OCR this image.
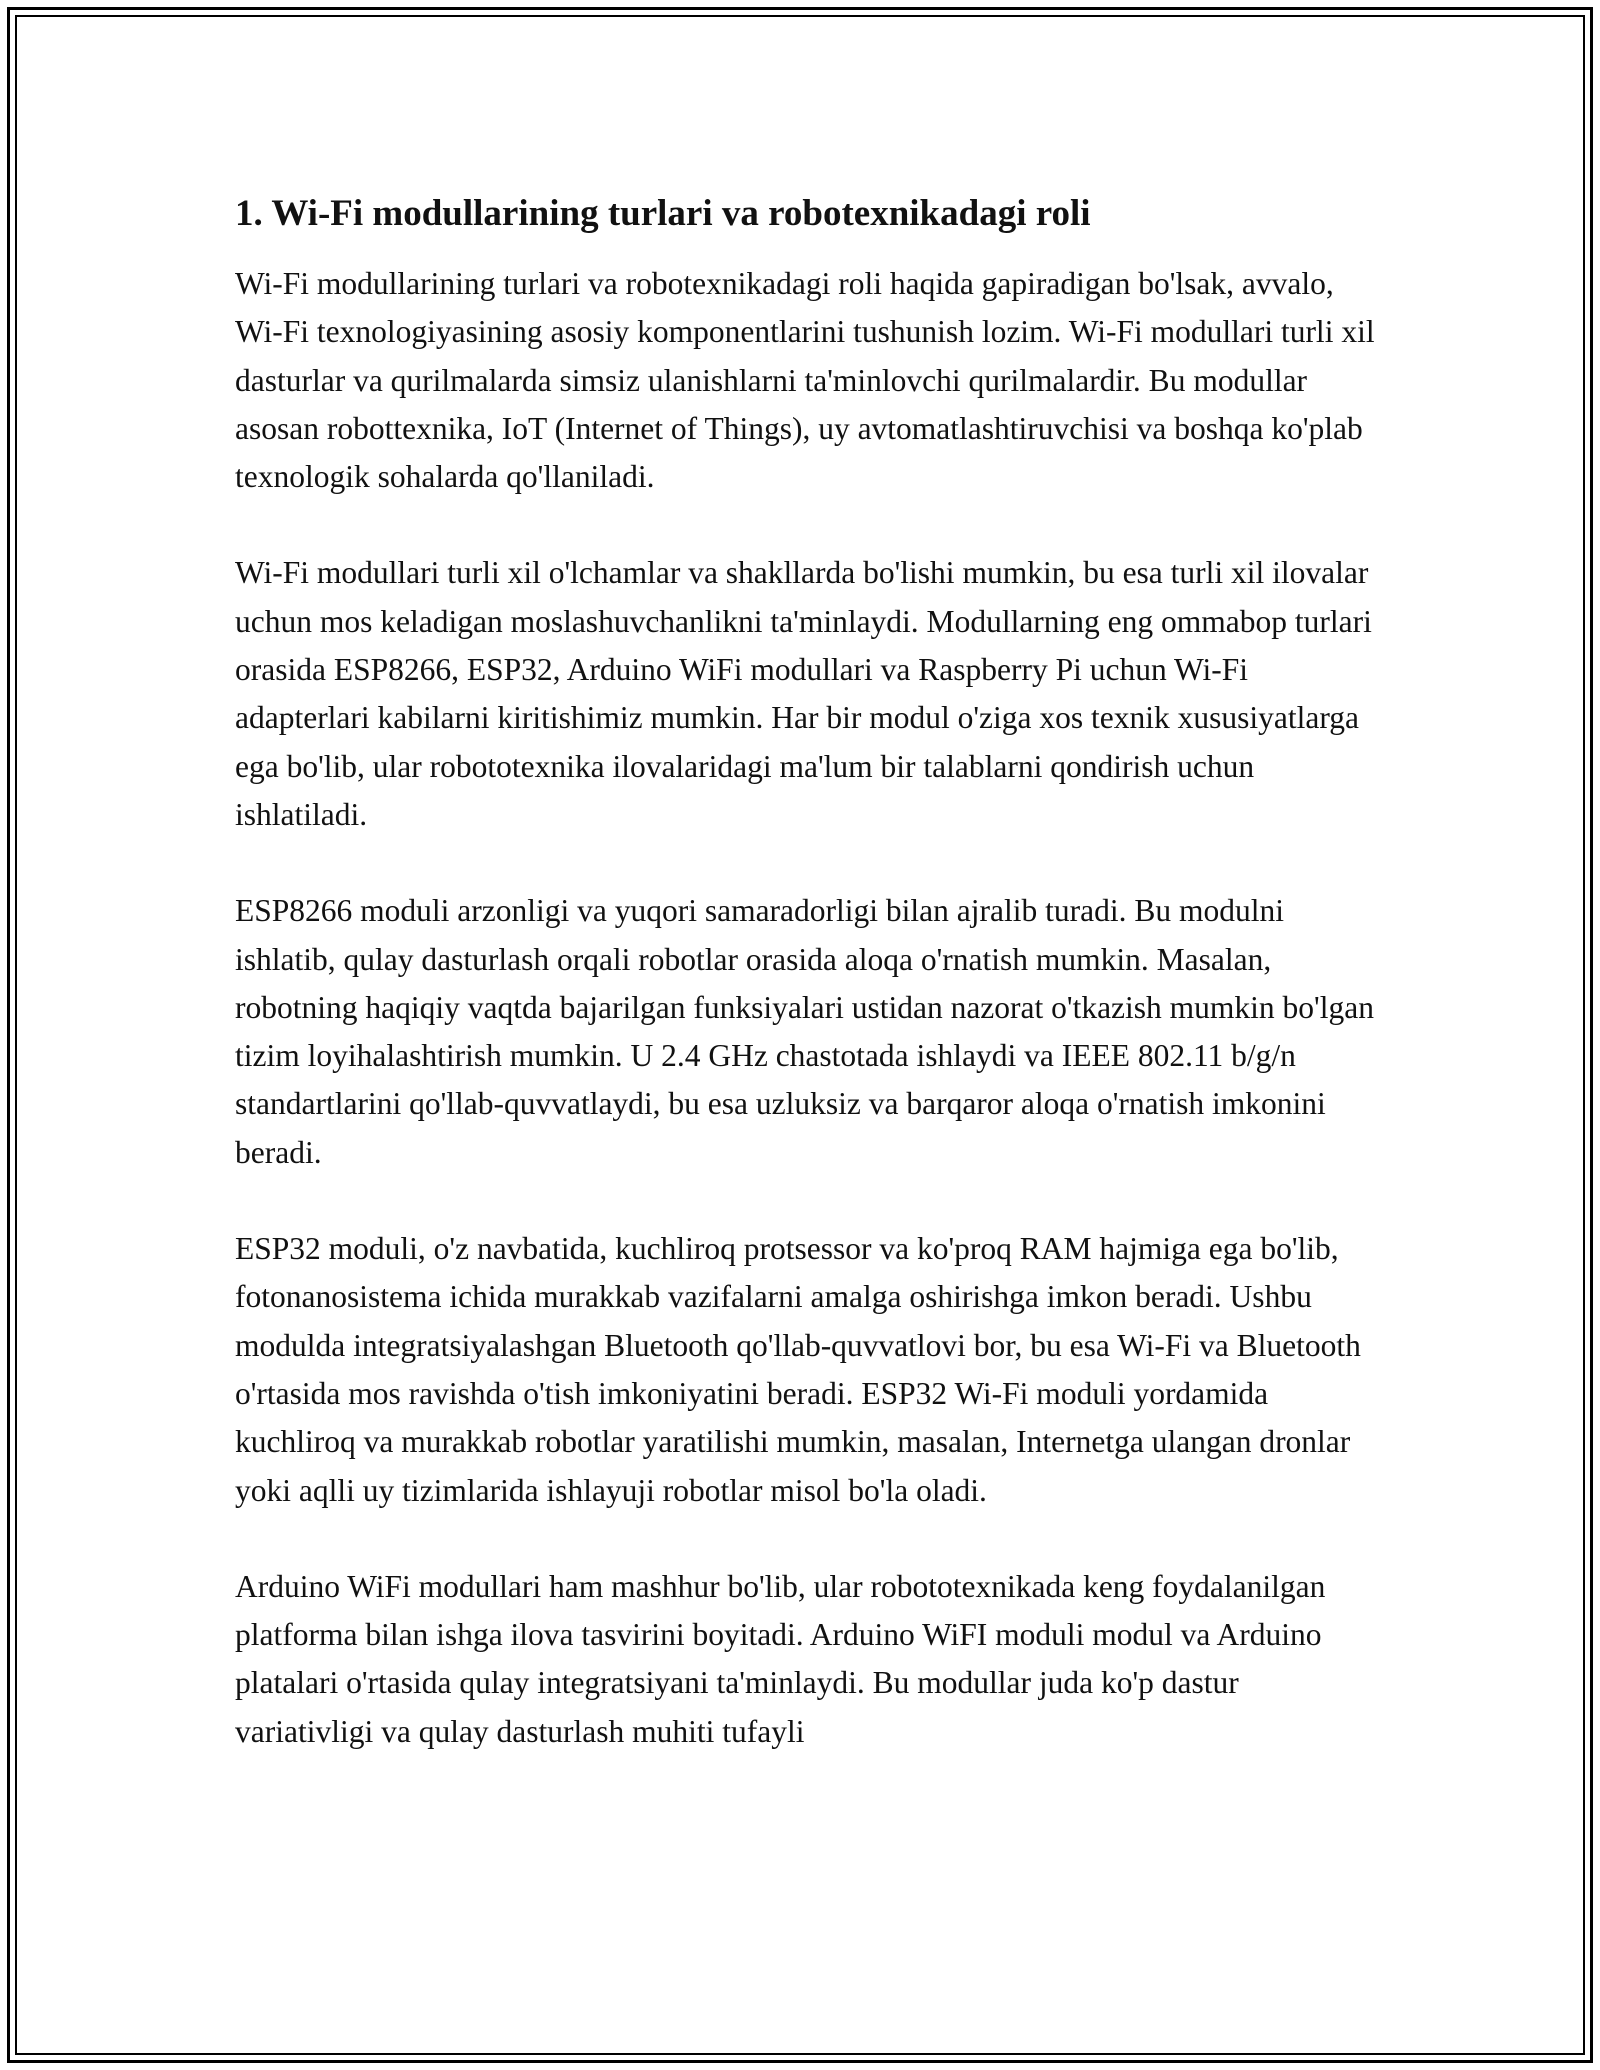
1. Wi-Fi modullarining turlari va robotexnikadagi roli

Wi-Fi modullarining turlari va robotexnikadagi roli haqida gapiradigan bo'lsak, avvalo, Wi-Fi texnologiyasining asosiy komponentlarini tushunish lozim. Wi-Fi modullari turli xil dasturlar va qurilmalarda simsiz ulanishlarni ta'minlovchi qurilmalardir. Bu modullar asosan robottexnika, IoT (Internet of Things), uy avtomatlashtiruvchisi va boshqa ko'plab texnologik sohalarda qo'llaniladi.

Wi-Fi modullari turli xil o'lchamlar va shakllarda bo'lishi mumkin, bu esa turli xil ilovalar uchun mos keladigan moslashuvchanlikni ta'minlaydi. Modullarning eng ommabop turlari orasida ESP8266, ESP32, Arduino WiFi modullari va Raspberry Pi uchun Wi-Fi adapterlari kabilarni kiritishimiz mumkin. Har bir modul o'ziga xos texnik xususiyatlarga ega bo'lib, ular robototexnika ilovalaridagi ma'lum bir talablarni qondirish uchun ishlatiladi.

ESP8266 moduli arzonligi va yuqori samaradorligi bilan ajralib turadi. Bu modulni ishlatib, qulay dasturlash orqali robotlar orasida aloqa o'rnatish mumkin. Masalan, robotning haqiqiy vaqtda bajarilgan funksiyalari ustidan nazorat o'tkazish mumkin bo'lgan tizim loyihalashtirish mumkin. U 2.4 GHz chastotada ishlaydi va IEEE 802.11 b/g/n standartlarini qo'llab-quvvatlaydi, bu esa uzluksiz va barqaror aloqa o'rnatish imkonini beradi.

ESP32 moduli, o'z navbatida, kuchliroq protsessor va ko'proq RAM hajmiga ega bo'lib, fotonanosistema ichida murakkab vazifalarni amalga oshirishga imkon beradi. Ushbu modulda integratsiyalashgan Bluetooth qo'llab-quvvatlovi bor, bu esa Wi-Fi va Bluetooth o'rtasida mos ravishda o'tish imkoniyatini beradi. ESP32 Wi-Fi moduli yordamida kuchliroq va murakkab robotlar yaratilishi mumkin, masalan, Internetga ulangan dronlar yoki aqlli uy tizimlarida ishlayuji robotlar misol bo'la oladi.

Arduino WiFi modullari ham mashhur bo'lib, ular robototexnikada keng foydalanilgan platforma bilan ishga ilova tasvirini boyitadi. Arduino WiFI moduli modul va Arduino platalari o'rtasida qulay integratsiyani ta'minlaydi. Bu modullar juda ko'p dastur variativligi va qulay dasturlash muhiti tufayli
